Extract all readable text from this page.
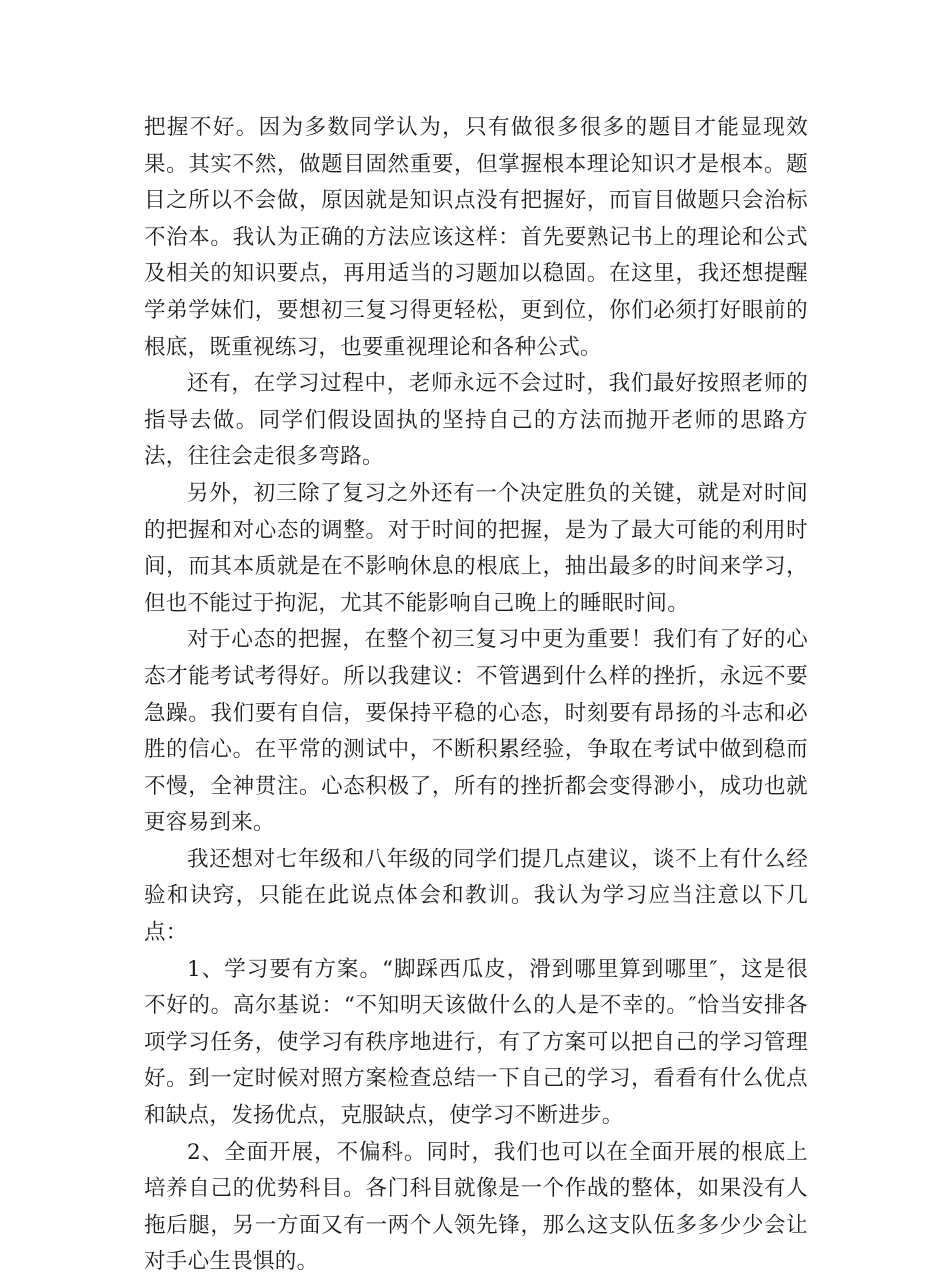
把握不好。因为多数同学认为，只有做很多很多的题目才能显现效果。其实不然，做题目固然重要，但掌握根本理论知识才是根本。题目之所以不会做，原因就是知识点没有把握好，而盲目做题只会治标不治本。我认为正确的方法应该这样：首先要熟记书上的理论和公式及相关的知识要点，再用适当的习题加以稳固。在这里，我还想提醒学弟学妹们，要想初三复习得更轻松，更到位，你们必须打好眼前的根底，既重视练习，也要重视理论和各种公式。

还有，在学习过程中，老师永远不会过时，我们最好按照老师的指导去做。同学们假设固执的坚持自己的方法而抛开老师的思路方法，往往会走很多弯路。

另外，初三除了复习之外还有一个决定胜负的关键，就是对时间的把握和对心态的调整。对于时间的把握，是为了最大可能的利用时间，而其本质就是在不影响休息的根底上，抽出最多的时间来学习，但也不能过于拘泥，尤其不能影响自己晚上的睡眠时间。

对于心态的把握，在整个初三复习中更为重要！我们有了好的心态才能考试考得好。所以我建议：不管遇到什么样的挫折，永远不要急躁。我们要有自信，要保持平稳的心态，时刻要有昂扬的斗志和必胜的信心。在平常的测试中，不断积累经验，争取在考试中做到稳而不慢，全神贯注。心态积极了，所有的挫折都会变得渺小，成功也就更容易到来。

我还想对七年级和八年级的同学们提几点建议，谈不上有什么经验和诀窍，只能在此说点体会和教训。我认为学习应当注意以下几点：

1、学习要有方案。“脚踩西瓜皮，滑到哪里算到哪里″，这是很不好的。高尔基说：“不知明天该做什么的人是不幸的。″恰当安排各项学习任务，使学习有秩序地进行，有了方案可以把自己的学习管理好。到一定时候对照方案检查总结一下自己的学习，看看有什么优点和缺点，发扬优点，克服缺点，使学习不断进步。

2、全面开展，不偏科。同时，我们也可以在全面开展的根底上培养自己的优势科目。各门科目就像是一个作战的整体，如果没有人拖后腿，另一方面又有一两个人领先锋，那么这支队伍多多少少会让对手心生畏惧的。
